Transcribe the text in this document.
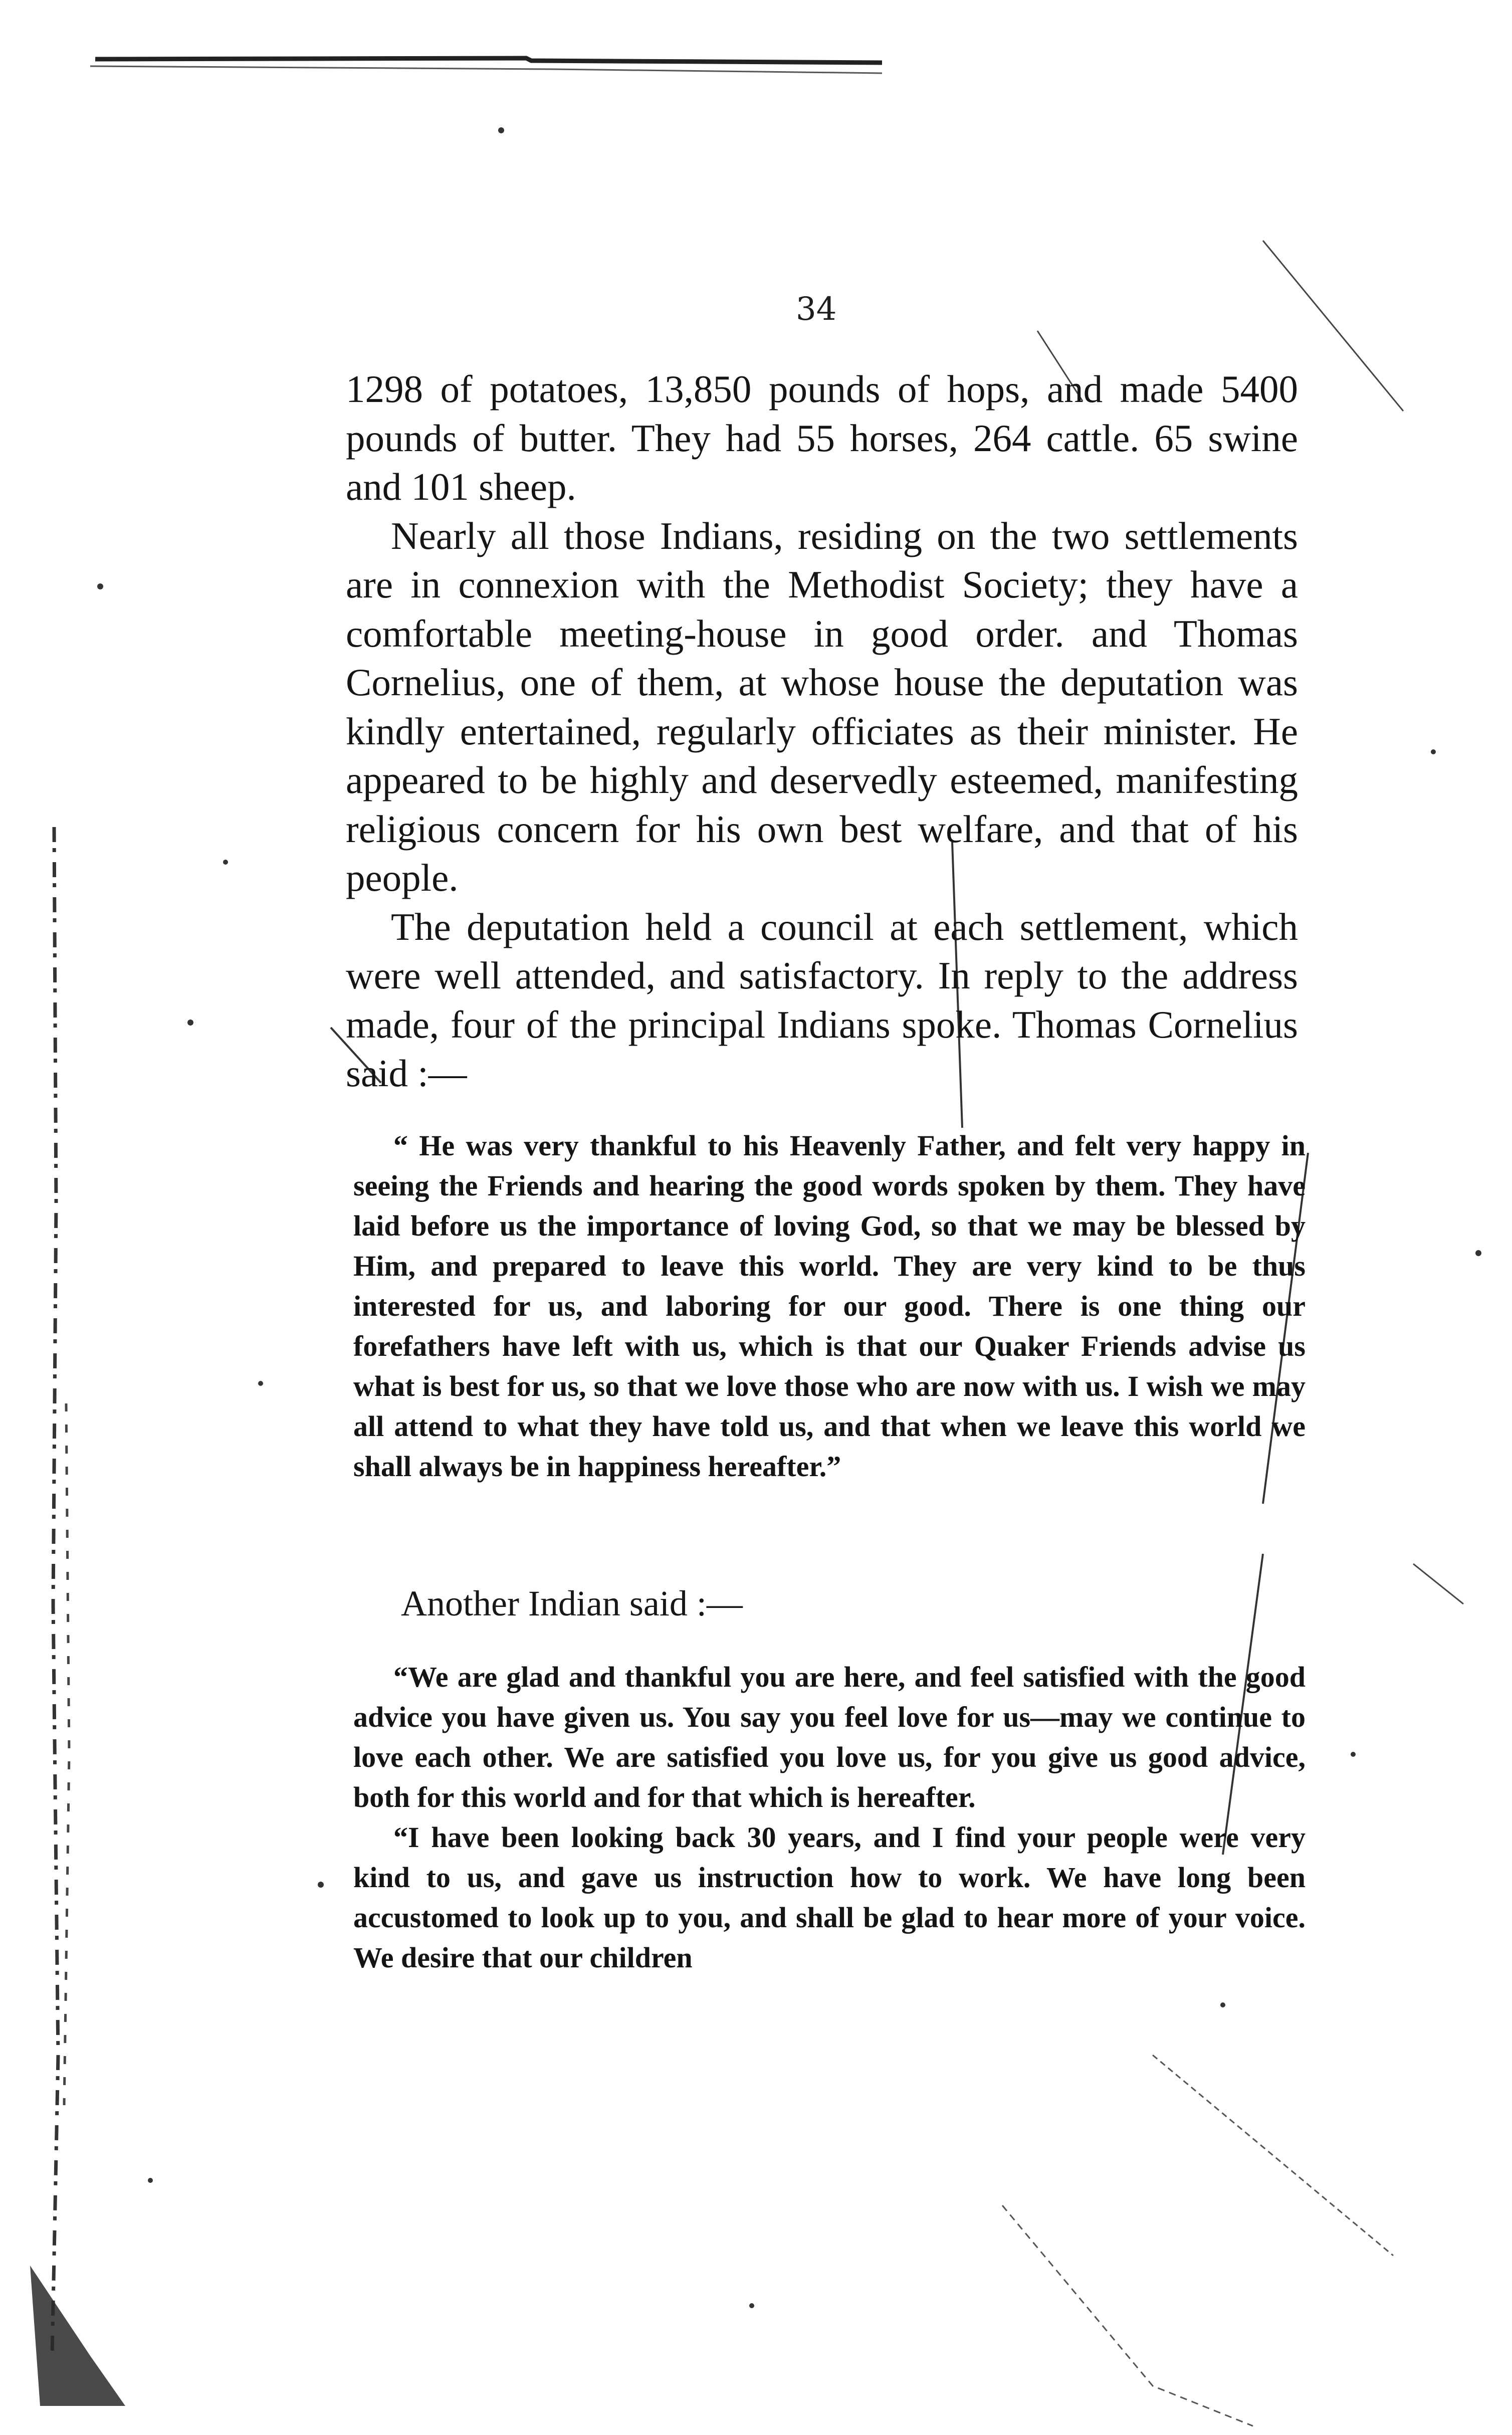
34

1298 of potatoes, 13,850 pounds of hops, and made 5400 pounds of butter. They had 55 horses, 264 cattle. 65 swine and 101 sheep.

Nearly all those Indians, residing on the two settlements are in connexion with the Methodist Society; they have a comfortable meeting-house in good order. and Thomas Cornelius, one of them, at whose house the deputation was kindly entertained, regularly officiates as their minister. He appeared to be highly and deservedly esteemed, manifesting religious concern for his own best welfare, and that of his people.

The deputation held a council at each settlement, which were well attended, and satisfactory. In reply to the address made, four of the principal Indians spoke. Thomas Cornelius said :—

“ He was very thankful to his Heavenly Father, and felt very happy in seeing the Friends and hearing the good words spoken by them. They have laid before us the importance of loving God, so that we may be blessed by Him, and prepared to leave this world. They are very kind to be thus interested for us, and laboring for our good. There is one thing our forefathers have left with us, which is that our Quaker Friends advise us what is best for us, so that we love those who are now with us. I wish we may all attend to what they have told us, and that when we leave this world we shall always be in happiness hereafter.”

Another Indian said :—

“We are glad and thankful you are here, and feel satisfied with the good advice you have given us. You say you feel love for us—may we continue to love each other. We are satisfied you love us, for you give us good advice, both for this world and for that which is hereafter.

“I have been looking back 30 years, and I find your people were very kind to us, and gave us instruction how to work. We have long been accustomed to look up to you, and shall be glad to hear more of your voice. We desire that our children
